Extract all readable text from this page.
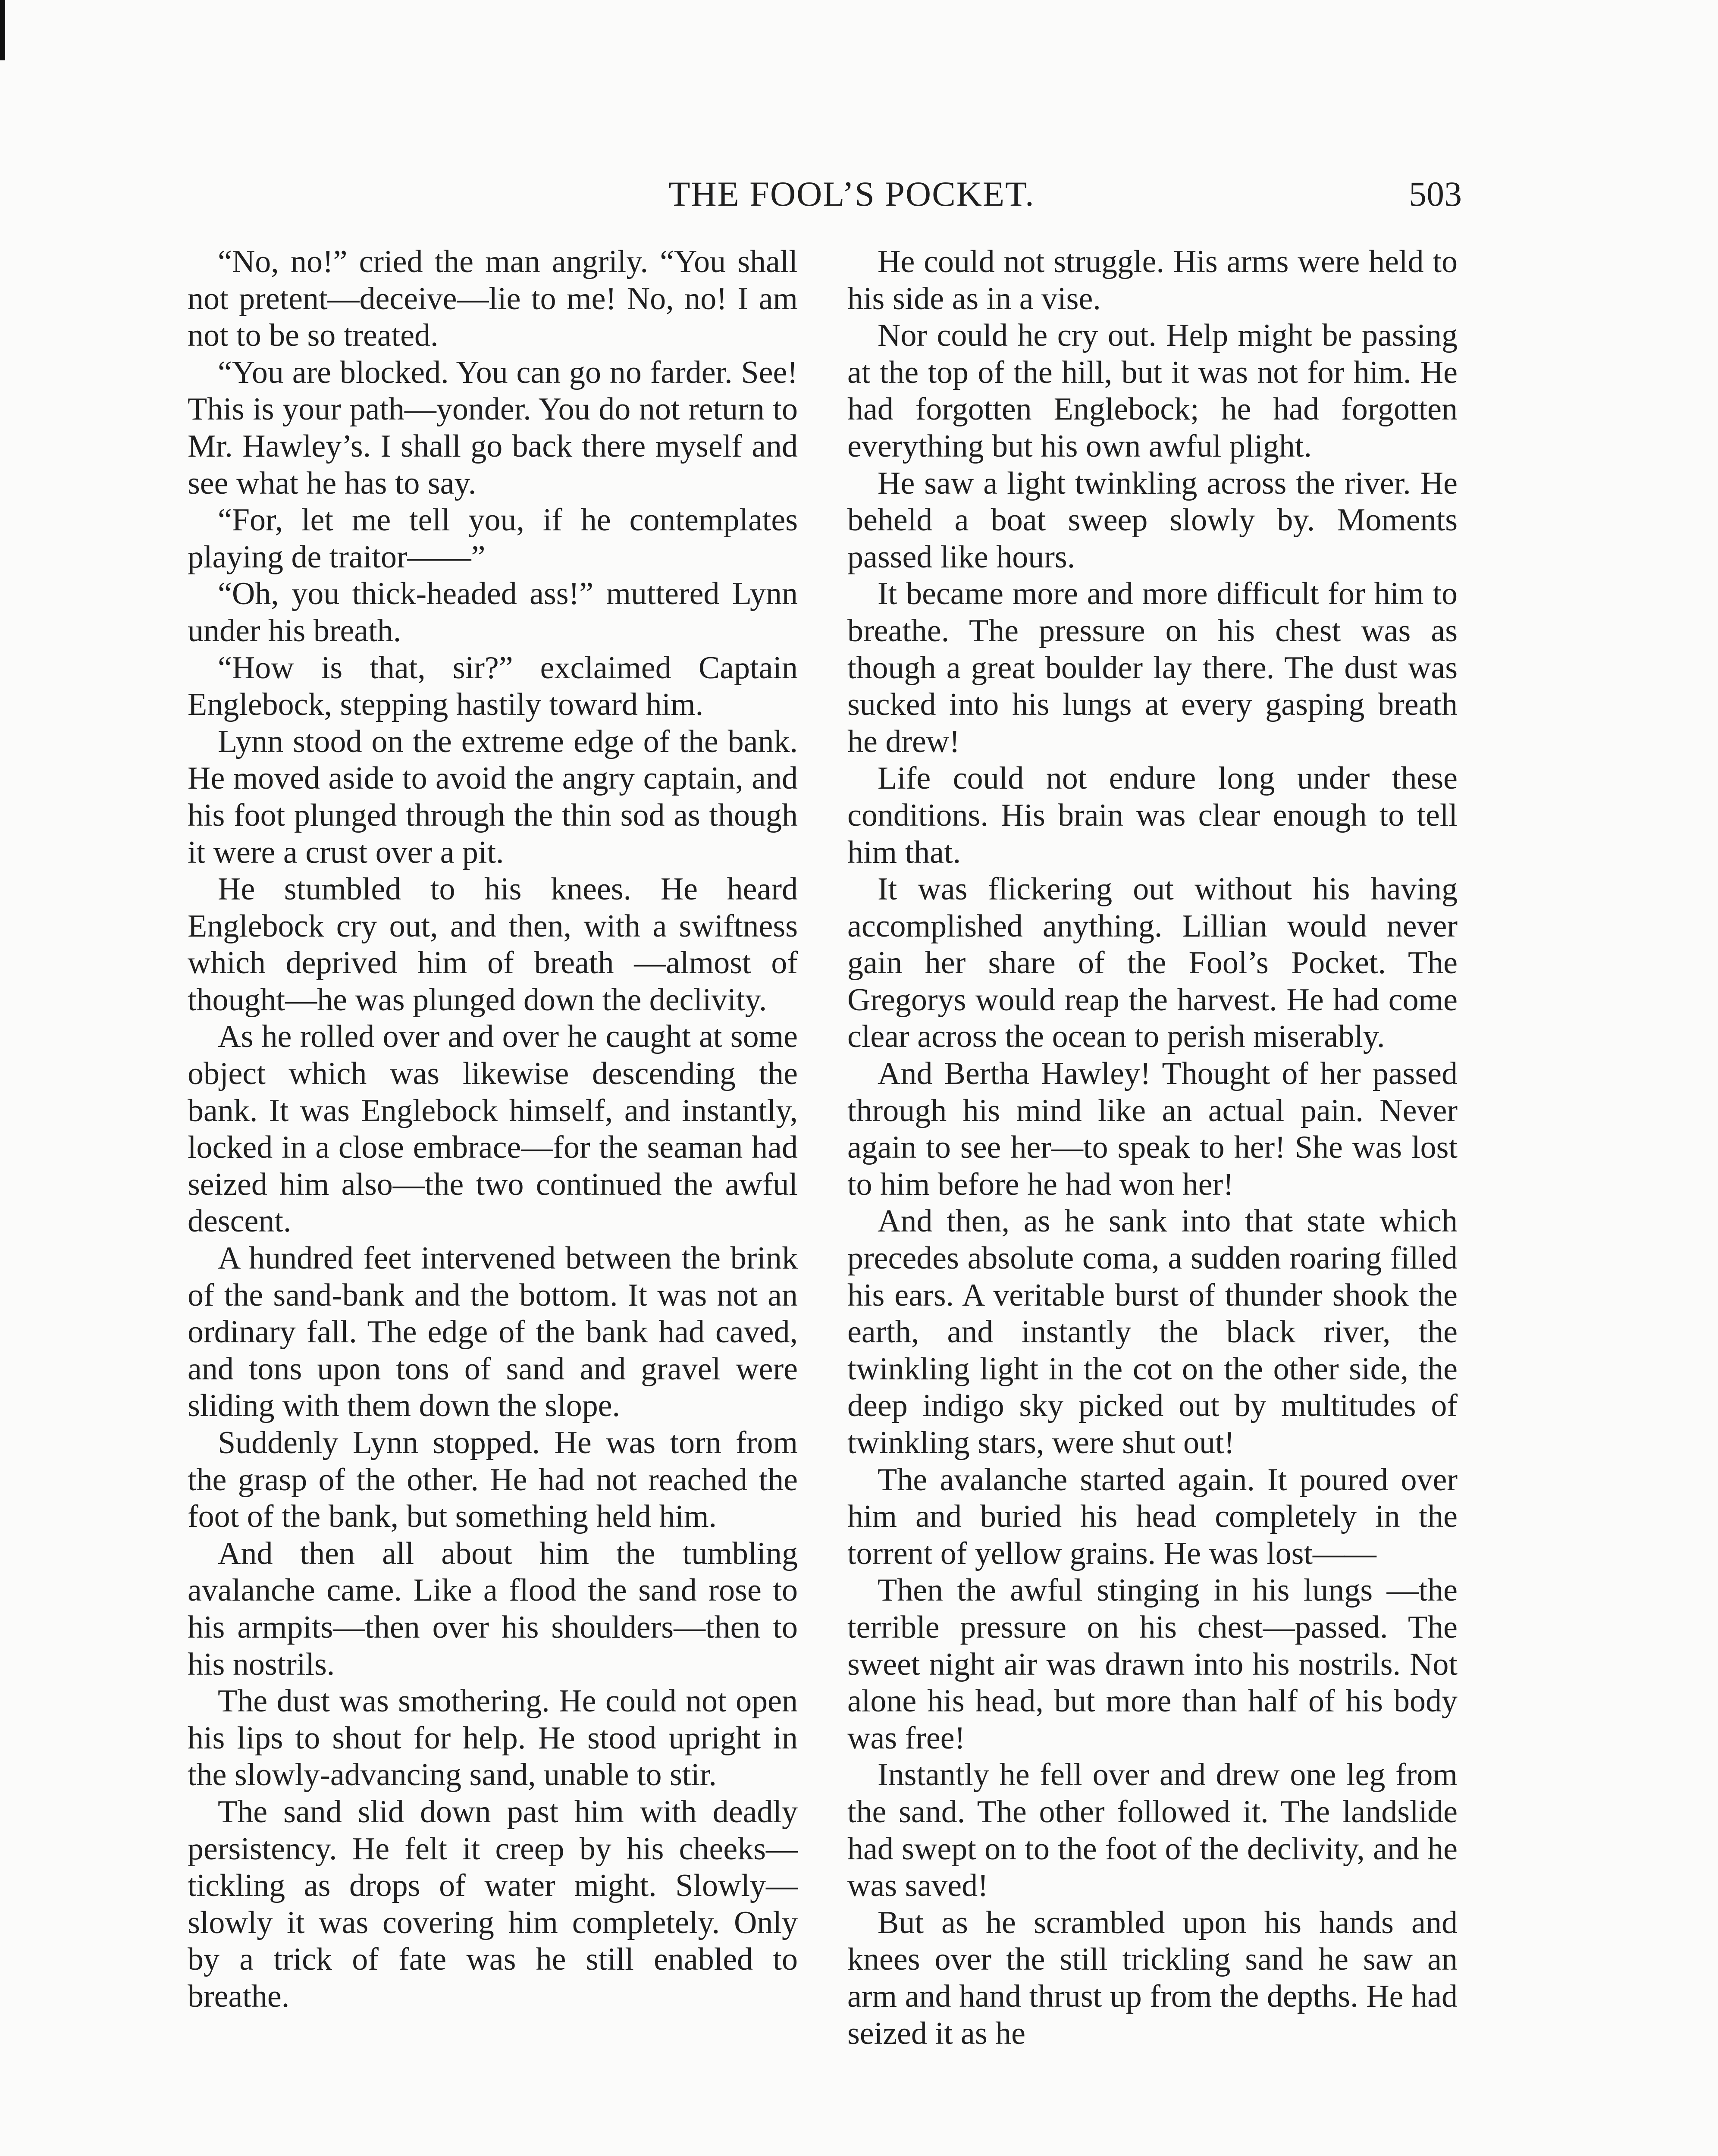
THE FOOL’S POCKET.	503

“No, no!” cried the man angrily. “You shall not pretent—deceive—lie to me! No, no! I am not to be so treated.

“You are blocked. You can go no farder. See! This is your path—yonder. You do not return to Mr. Hawley’s. I shall go back there myself and see what he has to say.

“For, let me tell you, if he contemplates playing de traitor——”

“Oh, you thick-headed ass!” muttered Lynn under his breath.

“How is that, sir?” exclaimed Captain Englebock, stepping hastily toward him.

Lynn stood on the extreme edge of the bank. He moved aside to avoid the angry captain, and his foot plunged through the thin sod as though it were a crust over a pit.

He stumbled to his knees. He heard Englebock cry out, and then, with a swiftness which deprived him of breath —almost of thought—he was plunged down the declivity.

As he rolled over and over he caught at some object which was likewise descending the bank. It was Englebock himself, and instantly, locked in a close embrace—for the seaman had seized him also—the two continued the awful descent.

A hundred feet intervened between the brink of the sand-bank and the bottom. It was not an ordinary fall. The edge of the bank had caved, and tons upon tons of sand and gravel were sliding with them down the slope.

Suddenly Lynn stopped. He was torn from the grasp of the other. He had not reached the foot of the bank, but something held him.

And then all about him the tumbling avalanche came. Like a flood the sand rose to his armpits—then over his shoulders—then to his nostrils.

The dust was smothering. He could not open his lips to shout for help. He stood upright in the slowly-advancing sand, unable to stir.

The sand slid down past him with deadly persistency. He felt it creep by his cheeks—tickling as drops of water might. Slowly—slowly it was covering him completely. Only by a trick of fate was he still enabled to breathe.

He could not struggle. His arms were held to his side as in a vise.

Nor could he cry out. Help might be passing at the top of the hill, but it was not for him. He had forgotten Englebock; he had forgotten everything but his own awful plight.

He saw a light twinkling across the river. He beheld a boat sweep slowly by. Moments passed like hours.

It became more and more difficult for him to breathe. The pressure on his chest was as though a great boulder lay there. The dust was sucked into his lungs at every gasping breath he drew!

Life could not endure long under these conditions. His brain was clear enough to tell him that.

It was flickering out without his having accomplished anything. Lillian would never gain her share of the Fool’s Pocket. The Gregorys would reap the harvest. He had come clear across the ocean to perish miserably.

And Bertha Hawley! Thought of her passed through his mind like an actual pain. Never again to see her—to speak to her! She was lost to him before he had won her!

And then, as he sank into that state which precedes absolute coma, a sudden roaring filled his ears. A veritable burst of thunder shook the earth, and instantly the black river, the twinkling light in the cot on the other side, the deep indigo sky picked out by multitudes of twinkling stars, were shut out!

The avalanche started again. It poured over him and buried his head completely in the torrent of yellow grains. He was lost——

Then the awful stinging in his lungs —the terrible pressure on his chest—passed. The sweet night air was drawn into his nostrils. Not alone his head, but more than half of his body was free!

Instantly he fell over and drew one leg from the sand. The other followed it. The landslide had swept on to the foot of the declivity, and he was saved!

But as he scrambled upon his hands and knees over the still trickling sand he saw an arm and hand thrust up from the depths. He had seized it as he
